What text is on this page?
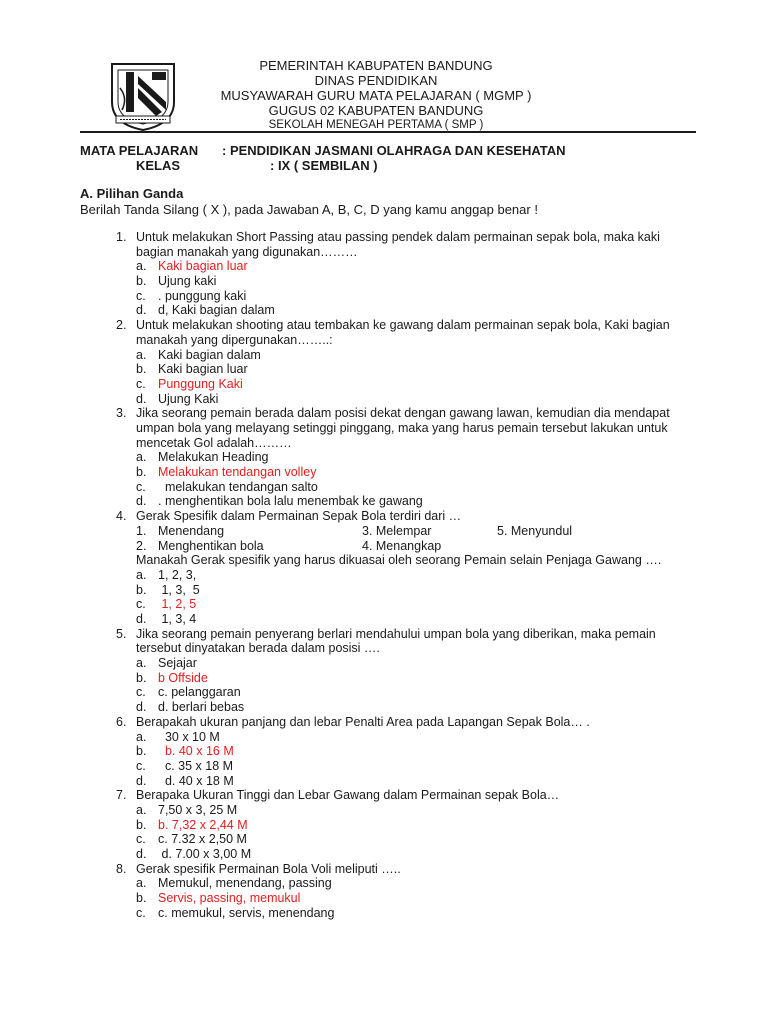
PEMERINTAH KABUPATEN BANDUNG
DINAS PENDIDIKAN
MUSYAWARAH GURU MATA PELAJARAN ( MGMP )
GUGUS 02 KABUPATEN BANDUNG
SEKOLAH MENEGAH PERTAMA ( SMP )
MATA PELAJARAN : PENDIDIKAN JASMANI OLAHRAGA DAN KESEHATAN
KELAS	: IX ( SEMBILAN )
A. Pilihan Ganda
Berilah Tanda Silang ( X ), pada Jawaban A, B, C, D yang kamu anggap benar !
1. Untuk melakukan Short Passing atau passing pendek dalam permainan sepak bola, maka kaki bagian manakah yang digunakan………
a. Kaki bagian luar
b. Ujung kaki
c. . punggung kaki
d. d, Kaki bagian dalam
2. Untuk melakukan shooting atau tembakan ke gawang dalam permainan sepak bola, Kaki bagian manakah yang dipergunakan……..:
a. Kaki bagian dalam
b. Kaki bagian luar
c. Punggung Kaki
d. Ujung Kaki
3. Jika seorang pemain berada dalam posisi dekat dengan gawang lawan, kemudian dia mendapat umpan bola yang melayang setinggi pinggang, maka yang harus pemain tersebut lakukan untuk mencetak Gol adalah………
a. Melakukan Heading
b. Melakukan tendangan volley
c. melakukan tendangan salto
d. . menghentikan bola lalu menembak ke gawang
4. Gerak Spesifik dalam Permainan Sepak Bola terdiri dari …
1. Menendang	3. Melempar	5. Menyundul
2. Menghentikan bola	4. Menangkap
Manakah Gerak spesifik yang harus dikuasai oleh seorang Pemain selain Penjaga Gawang ….
a. 1, 2, 3,
b. 1, 3,  5
c. 1, 2, 5
d. 1, 3, 4
5. Jika seorang pemain penyerang berlari mendahului umpan bola yang diberikan, maka pemain tersebut dinyatakan berada dalam posisi ….
a. Sejajar
b. b Offside
c. c. pelanggaran
d. d. berlari bebas
6. Berapakah ukuran panjang dan lebar Penalti Area pada Lapangan Sepak Bola… .
a. 30 x 10 M
b. b. 40 x 16 M
c. c. 35 x 18 M
d. d. 40 x 18 M
7. Berapaka Ukuran Tinggi dan Lebar Gawang dalam Permainan sepak Bola…
a. 7,50 x 3, 25 M
b. b. 7,32 x 2,44 M
c. c. 7.32 x 2,50 M
d. d. 7.00 x 3,00 M
8. Gerak spesifik Permainan Bola Voli meliputi …..
a. Memukul, menendang, passing
b. Servis, passing, memukul
c. c. memukul, servis, menendang
